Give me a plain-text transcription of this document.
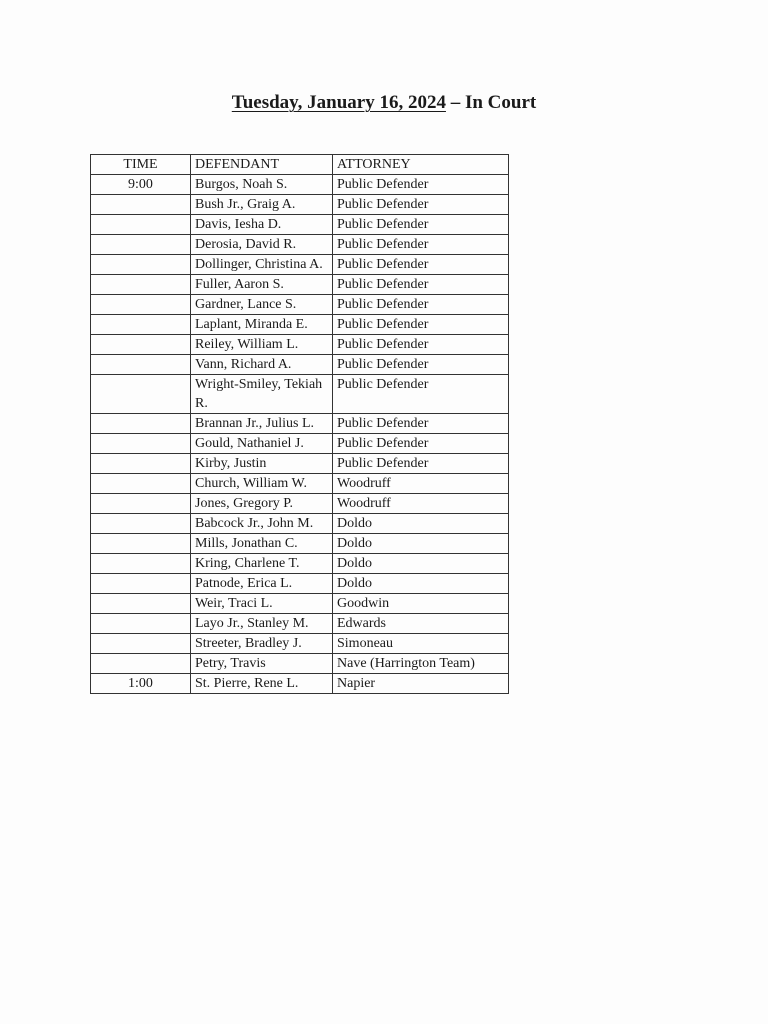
Tuesday, January 16, 2024 – In Court
TIME	DEFENDANT	ATTORNEY
9:00	Burgos, Noah S.	Public Defender
	Bush Jr., Graig A.	Public Defender
	Davis, Iesha D.	Public Defender
	Derosia, David R.	Public Defender
	Dollinger, Christina A.	Public Defender
	Fuller, Aaron S.	Public Defender
	Gardner, Lance S.	Public Defender
	Laplant, Miranda E.	Public Defender
	Reiley, William L.	Public Defender
	Vann, Richard A.	Public Defender
	Wright-Smiley, Tekiah R.	Public Defender
	Brannan Jr., Julius L.	Public Defender
	Gould, Nathaniel J.	Public Defender
	Kirby, Justin	Public Defender
	Church, William W.	Woodruff
	Jones, Gregory P.	Woodruff
	Babcock Jr., John M.	Doldo
	Mills, Jonathan C.	Doldo
	Kring, Charlene T.	Doldo
	Patnode, Erica L.	Doldo
	Weir, Traci L.	Goodwin
	Layo Jr., Stanley M.	Edwards
	Streeter, Bradley J.	Simoneau
	Petry, Travis	Nave (Harrington Team)
1:00	St. Pierre, Rene L.	Napier
